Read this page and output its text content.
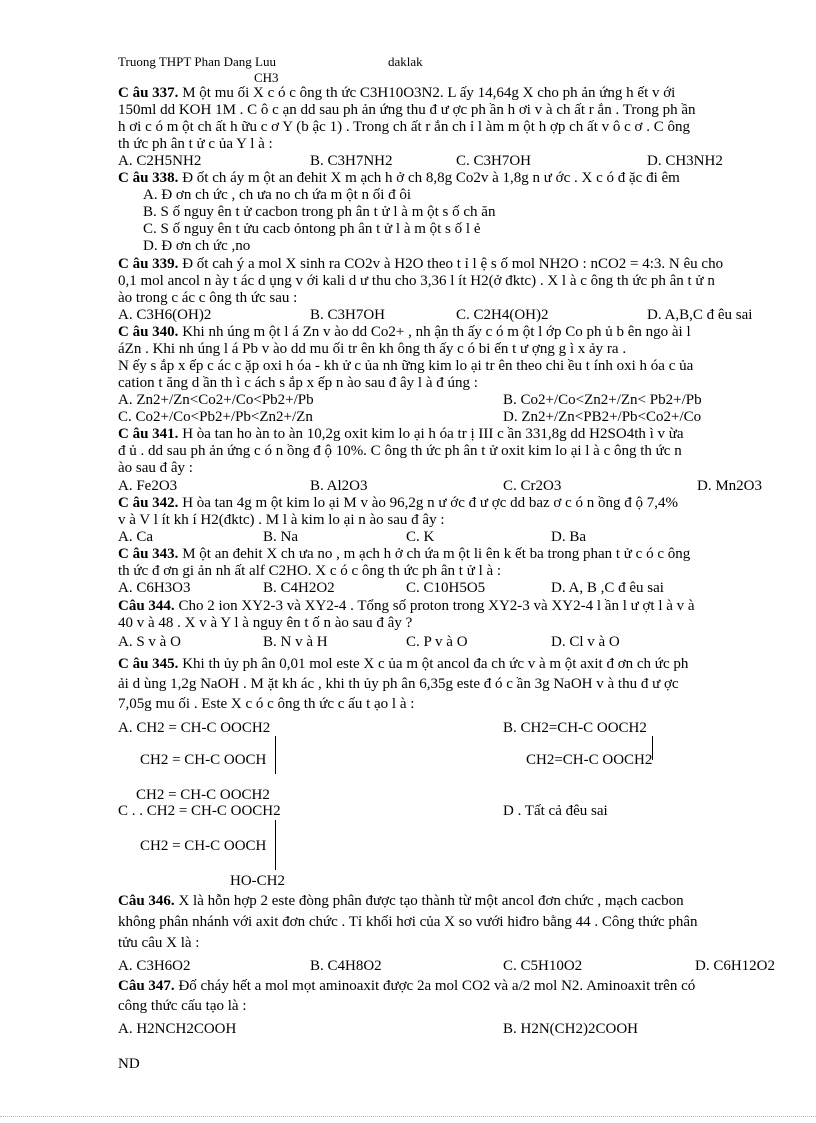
Truong THPT Phan Dang Luu	daklak
CH3
C âu 337. M ột mu ối X c ó c ông th ức C3H10O3N2. L ấy 14,64g X cho ph ản ứng h ết v ới
150ml dd KOH 1M . C ô c ạn dd sau ph ản ứng thu đ ư ợc ph ần h ơi v à ch ất r ắn . Trong ph ần
h ơi c ó m ột ch ất h ữu c ơ Y (b ậc 1) . Trong ch ất r ắn ch ỉ l àm m ột h ợp ch ất v ô c ơ . C ông
th ức ph ân t ử c ủa Y l à :
A. C2H5NH2	B. C3H7NH2	C. C3H7OH	D. CH3NH2
C âu 338. Đ ốt ch áy m ột an đehit X m ạch h ở ch 8,8g Co2v à 1,8g n ư ớc . X c ó đ ặc đi êm
A. Đ ơn ch ức , ch ưa no ch ứa m ột n ối đ ôi
B. S ố nguy ên t ử cacbon trong ph ân t ử l à m ột s ố ch ăn
C. S ố nguy ên t ửu cacb ỏntong ph ân t ử l à m ột s ố l ẻ
D. Đ ơn ch ức ,no
C âu 339. Đ ốt cah ý a mol X sinh ra CO2v à H2O theo t ỉ l ệ s ố mol NH2O : nCO2 = 4:3. N êu cho
0,1 mol ancol n ày t ác d ụng v ới kali d ư thu cho 3,36 l ít H2(ở đktc) . X l à c ông th ức ph ân t ử n
ào trong c ác c ông th ức sau :
A. C3H6(OH)2	B. C3H7OH	C. C2H4(OH)2	D. A,B,C đ êu sai
C âu 340. Khi nh úng m ột l á Zn v ào dd Co2+ , nh ận th ấy c ó m ột l ớp Co ph ủ b ên ngo ài l
áZn . Khi nh úng l á Pb v ào dd mu ối tr ên kh ông th ấy c ó bi ến t ư ợng g ì x ảy ra .
N ếy s ắp x ếp c ác c ặp oxi h óa - kh ử c ủa nh ững kim lo ại tr ên theo chi ều t ính oxi h óa c ủa
cation t ăng d ần th ì c ách s ắp x ếp n ào sau đ ây l à đ úng :
A. Zn2+/Zn<Co2+/Co<Pb2+/Pb	B. Co2+/Co<Zn2+/Zn< Pb2+/Pb
C. Co2+/Co<Pb2+/Pb<Zn2+/Zn	D. Zn2+/Zn<PB2+/Pb<Co2+/Co
C âu 341. H òa tan ho àn to àn 10,2g oxit kim lo ại h óa tr ị III c ần 331,8g dd H2SO4th ì v ừa
đ ủ . dd sau ph ản ứng c ó n ồng đ ộ 10%. C ông th ức ph ân t ử oxit kim lo ại l à c ông th ức n
ào sau đ ây :
A. Fe2O3	B. Al2O3	C. Cr2O3	D. Mn2O3
C âu 342. H òa tan 4g m ột kim lo ại M v ào 96,2g n ư ớc đ ư ợc dd baz ơ c ó n ồng đ ộ 7,4%
v à V l ít kh í H2(đktc) . M l à kim lo ại n ào sau đ ây :
A. Ca	B. Na	C. K	D. Ba
C âu 343. M ột an đehit X ch ưa no , m ạch h ở ch ứa m ột li ên k ết ba trong phan t ử c ó c ông
th ức đ ơn gi ản nh ất alf C2HO. X c ó c ông th ức ph ân t ử l à :
A. C6H3O3	B. C4H2O2	C. C10H5O5	D. A, B ,C đ êu sai
Câu 344. Cho 2 ion XY2-3 và XY2-4 . Tổng số proton trong XY2-3 và XY2-4 l ần l ư ợt l à v à
40 v à 48 . X v à Y l à nguy ên t ố n ào sau đ ây ?
A. S v à O	B. N v à H	C. P v à O	D. Cl v à O
C âu 345. Khi th ủy ph ân 0,01 mol este X c ủa m ột ancol đa ch ức v à m ột axit đ ơn ch ức ph
ải d ùng 1,2g NaOH . M ặt kh ác , khi th ủy ph ân 6,35g este đ ó c ần 3g NaOH v à thu đ ư ợc
7,05g mu ối . Este X c ó c ông th ức c ấu t ạo l à :
A. CH2 = CH-C OOCH2
CH2 = CH-C OOCH
B. CH2=CH-C OOCH2
CH2=CH-C OOCH2
CH2 = CH-C OOCH2
C . . CH2 = CH-C OOCH2
CH2 = CH-C OOCH
HO-CH2
D . Tất cả đêu sai
Câu 346. X là hỗn hợp 2 este đòng phân được tạo thành từ một ancol đơn chức , mạch cacbon
không phân nhánh với axit đơn chức . Tỉ khối hơi của X so vưới hiđro bằng 44 . Công thức phân
tửu câu X là :
A. C3H6O2	B. C4H8O2	C. C5H10O2	D. C6H12O2
Câu 347. Đố cháy hết a mol mọt aminoaxit được 2a mol CO2 và a/2 mol N2. Aminoaxit trên có
công thức cấu tạo là :
A. H2NCH2COOH	B. H2N(CH2)2COOH
ND
